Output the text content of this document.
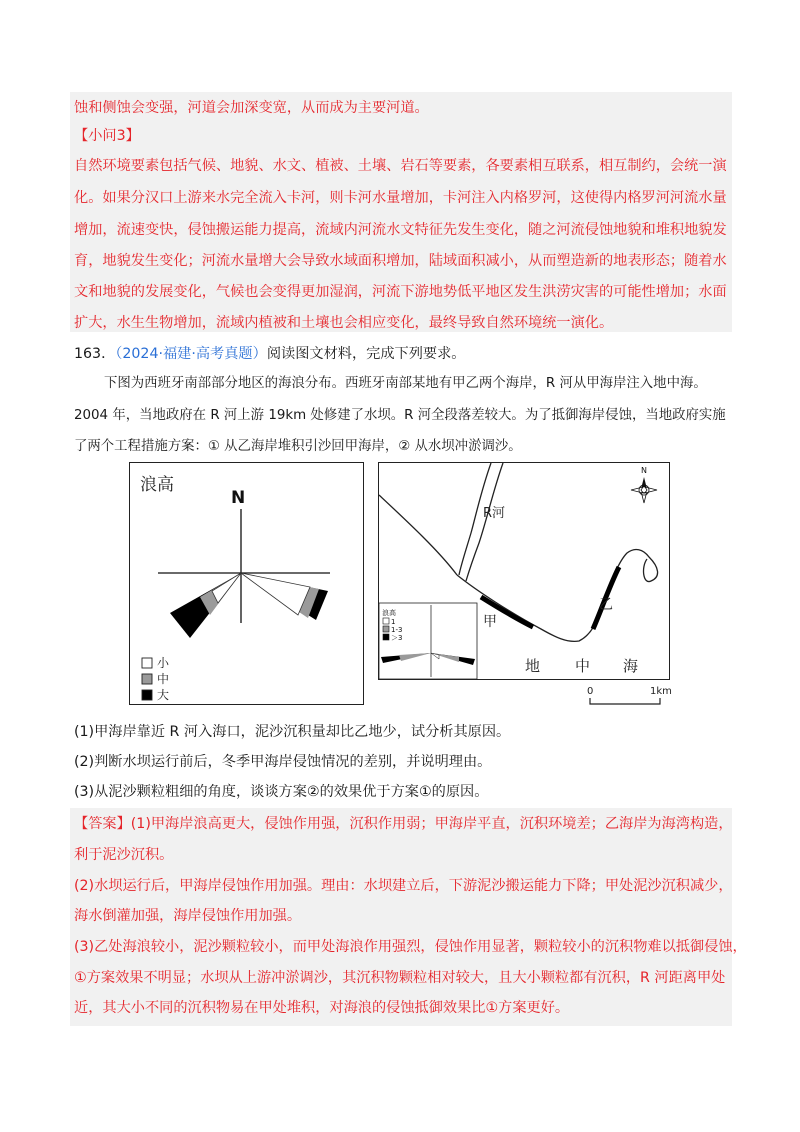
蚀和侧蚀会变强，河道会加深变宽，从而成为主要河道。
【小问3】
自然环境要素包括气候、地貌、水文、植被、土壤、岩石等要素，各要素相互联系，相互制约，会统一演
化。如果分汉口上游来水完全流入卡河，则卡河水量增加，卡河注入内格罗河，这使得内格罗河河流水量
增加，流速变快，侵蚀搬运能力提高，流域内河流水文特征先发生变化，随之河流侵蚀地貌和堆积地貌发
育，地貌发生变化；河流水量增大会导致水域面积增加，陆域面积减小，从而塑造新的地表形态；随着水
文和地貌的发展变化，气候也会变得更加湿润，河流下游地势低平地区发生洪涝灾害的可能性增加；水面
扩大，水生生物增加，流域内植被和土壤也会相应变化，最终导致自然环境统一演化。
163．（2024·福建·高考真题）阅读图文材料，完成下列要求。
下图为西班牙南部部分地区的海浪分布。西班牙南部某地有甲乙两个海岸，R 河从甲海岸注入地中海。
2004 年，当地政府在 R 河上游 19km 处修建了水坝。R 河全段落差较大。为了抵御海岸侵蚀，当地政府实施
了两个工程措施方案：① 从乙海岸堆积引沙回甲海岸，② 从水坝冲淤调沙。
浪高
N
小
中
大
R河
乙
甲
地 中 海
N
浪高
1
1-3
＞3
0	1km
(1)甲海岸靠近 R 河入海口，泥沙沉积量却比乙地少，试分析其原因。
(2)判断水坝运行前后，冬季甲海岸侵蚀情况的差别，并说明理由。
(3)从泥沙颗粒粗细的角度，谈谈方案②的效果优于方案①的原因。
【答案】(1)甲海岸浪高更大，侵蚀作用强，沉积作用弱；甲海岸平直，沉积环境差；乙海岸为海湾构造，
利于泥沙沉积。
(2)水坝运行后，甲海岸侵蚀作用加强。理由：水坝建立后，下游泥沙搬运能力下降；甲处泥沙沉积减少，
海水倒灌加强，海岸侵蚀作用加强。
(3)乙处海浪较小，泥沙颗粒较小，而甲处海浪作用强烈，侵蚀作用显著，颗粒较小的沉积物难以抵御侵蚀，
①方案效果不明显；水坝从上游冲淤调沙，其沉积物颗粒相对较大，且大小颗粒都有沉积，R 河距离甲处
近，其大小不同的沉积物易在甲处堆积，对海浪的侵蚀抵御效果比①方案更好。
